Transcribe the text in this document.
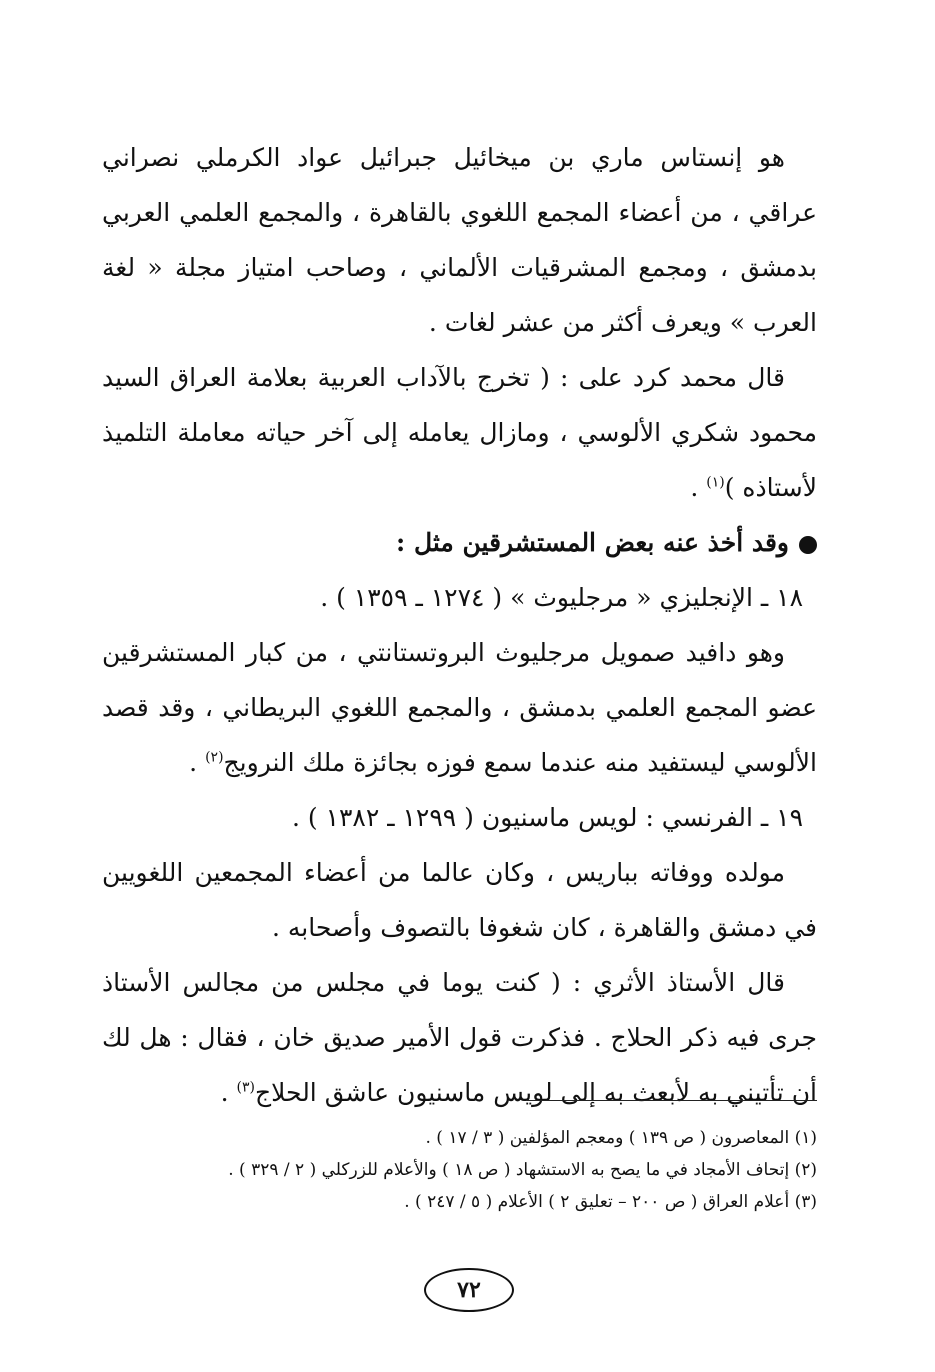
هو إنستاس ماري بن ميخائيل جبرائيل عواد الكرملي نصراني عراقي ، من أعضاء المجمع اللغوي بالقاهرة ، والمجمع العلمي العربي بدمشق ، ومجمع المشرقيات الألماني ، وصاحب امتياز مجلة « لغة العرب » ويعرف أكثر من عشر لغات .

قال محمد كرد على : ( تخرج بالآداب العربية بعلامة العراق السيد محمود شكري الألوسي ، ومازال يعامله إلى آخر حياته معاملة التلميذ لأستاذه )$^{(١)}$ .

وقد أخذ عنه بعض المستشرقين مثل :

١٨ ـ الإنجليزي « مرجليوث » ( ١٢٧٤ ـ ١٣٥٩ ) .

وهو دافيد صمويل مرجليوث البروتستانتي ، من كبار المستشرقين عضو المجمع العلمي بدمشق ، والمجمع اللغوي البريطاني ، وقد قصد الألوسي ليستفيد منه عندما سمع فوزه بجائزة ملك النرويج$^{(٢)}$ .

١٩ ـ الفرنسي : لويس ماسنيون ( ١٢٩٩ ـ ١٣٨٢ ) .

مولده ووفاته بباريس ، وكان عالما من أعضاء المجمعين اللغويين في دمشق والقاهرة ، كان شغوفا بالتصوف وأصحابه .

قال الأستاذ الأثري : ( كنت يوما في مجلس من مجالس الأستاذ جرى فيه ذكر الحلاج . فذكرت قول الأمير صديق خان ، فقال : هل لك أن تأتيني به لأبعث به إلى لويس ماسنيون عاشق الحلاج$^{(٣)}$ .

(١) المعاصرون ( ص ١٣٩ ) ومعجم المؤلفين ( ٣ / ١٧ ) .

(٢) إتحاف الأمجاد في ما يصح به الاستشهاد ( ص ١٨ ) والأعلام للزركلي ( ٢ / ٣٢٩ ) .

(٣) أعلام العراق ( ص ٢٠٠ – تعليق ٢ ) الأعلام ( ٥ / ٢٤٧ ) .

٧٢
